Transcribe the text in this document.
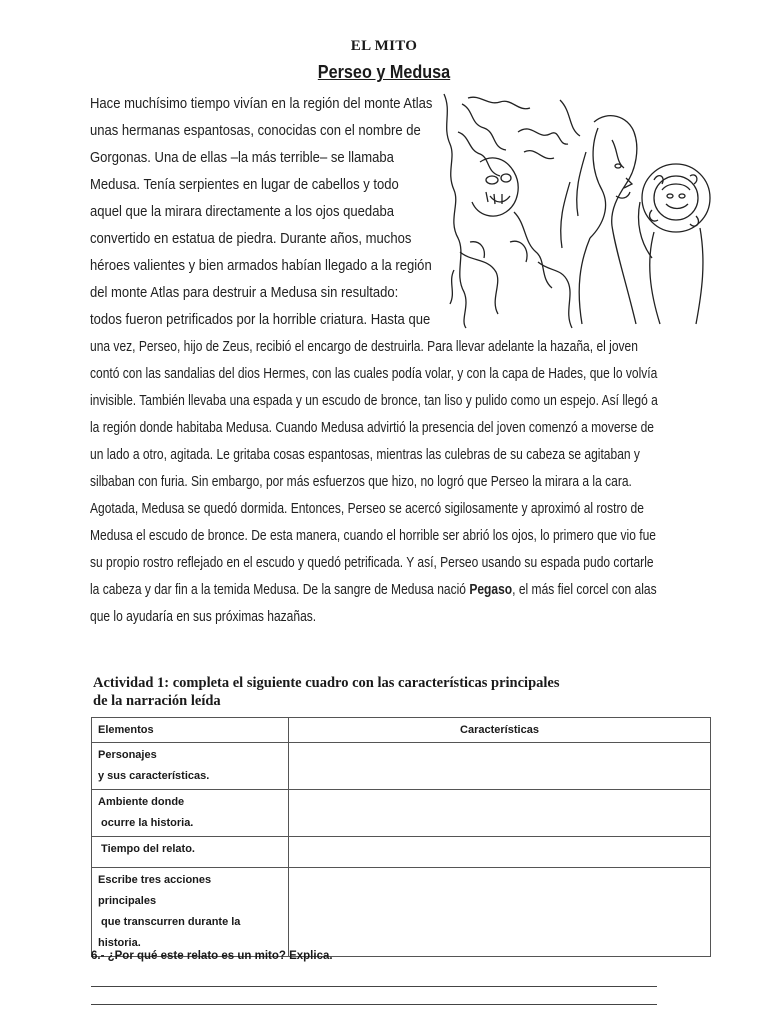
EL MITO
Perseo y Medusa
Hace muchísimo tiempo vivían en la región del monte Atlas
unas hermanas espantosas, conocidas con el nombre de
Gorgonas. Una de ellas –la más terrible– se llamaba
Medusa. Tenía serpientes en lugar de cabellos y todo
aquel que la mirara directamente a los ojos quedaba
convertido en estatua de piedra. Durante años, muchos
héroes valientes y bien armados habían llegado a la región
del monte Atlas para destruir a Medusa sin resultado:
todos fueron petrificados por la horrible criatura. Hasta que
una vez, Perseo, hijo de Zeus, recibió el encargo de destruirla. Para llevar adelante la hazaña, el joven
contó con las sandalias del dios Hermes, con las cuales podía volar, y con la capa de Hades, que lo volvía
invisible. También llevaba una espada y un escudo de bronce, tan liso y pulido como un espejo. Así llegó a
la región donde habitaba Medusa. Cuando Medusa advirtió la presencia del joven comenzó a moverse de
un lado a otro, agitada. Le gritaba cosas espantosas, mientras las culebras de su cabeza se agitaban y
silbaban con furia. Sin embargo, por más esfuerzos que hizo, no logró que Perseo la mirara a la cara.
Agotada, Medusa se quedó dormida. Entonces, Perseo se acercó sigilosamente y aproximó al rostro de
Medusa el escudo de bronce. De esta manera, cuando el horrible ser abrió los ojos, lo primero que vio fue
su propio rostro reflejado en el escudo y quedó petrificada. Y así, Perseo usando su espada pudo cortarle
la cabeza y dar fin a la temida Medusa. De la sangre de Medusa nació Pegaso, el más fiel corcel con alas
que lo ayudaría en sus próximas hazañas.
Actividad 1: completa el siguiente cuadro con las características principales
de la narración leída
Elementos	Características

Personajes
y sus características.	

Ambiente donde
ocurre la historia.	

Tiempo del relato.	

Escribe tres acciones
principales
que transcurren durante la
historia.	

6.- ¿Por qué este relato es un mito? Explica.
